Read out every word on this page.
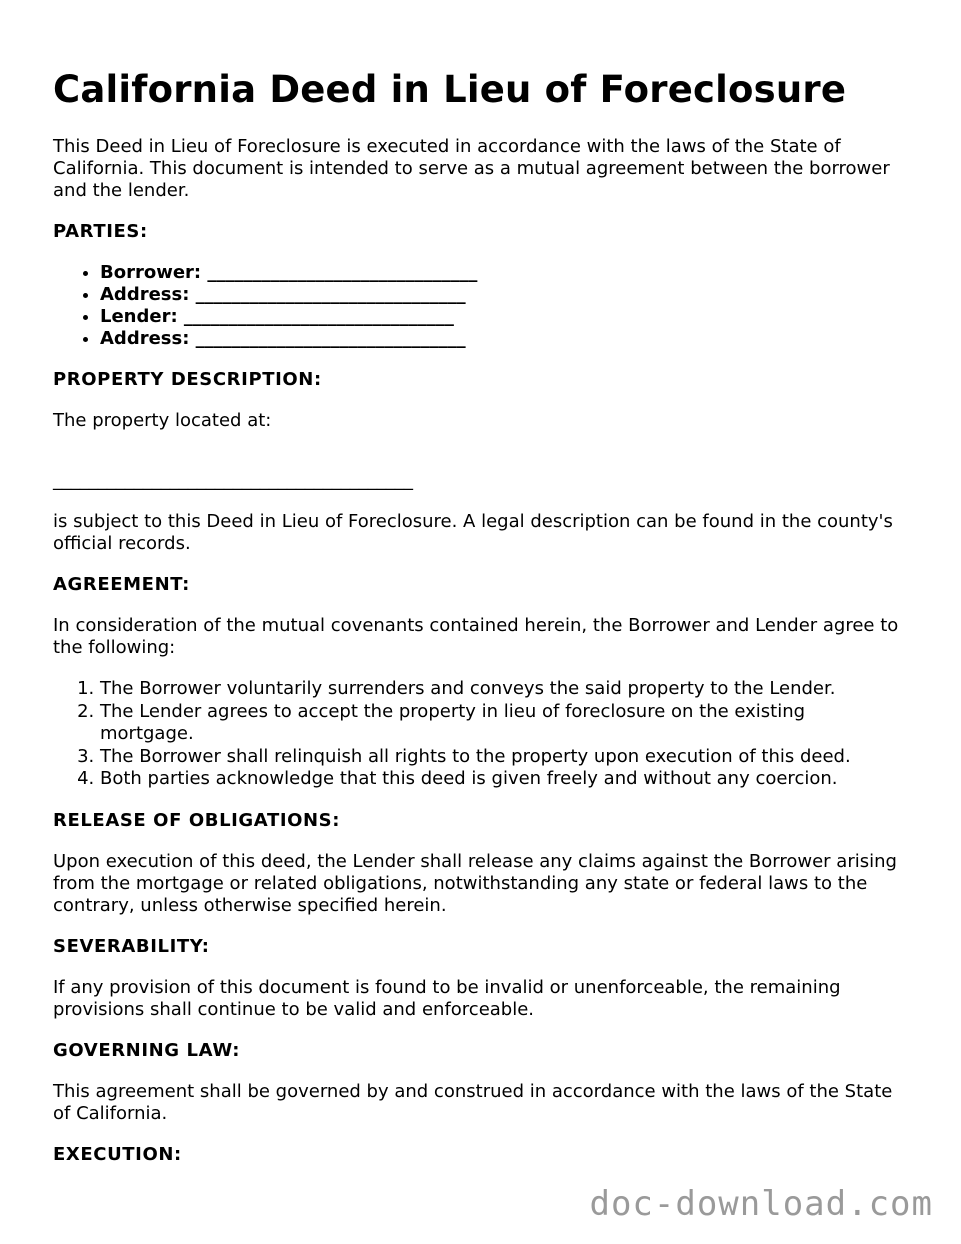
California Deed in Lieu of Foreclosure

This Deed in Lieu of Foreclosure is executed in accordance with the laws of the State of California. This document is intended to serve as a mutual agreement between the borrower and the lender.

PARTIES:
• Borrower: ______________________________
• Address: ______________________________
• Lender: ______________________________
• Address: ______________________________
PROPERTY DESCRIPTION:

The property located at:

________________________________________

is subject to this Deed in Lieu of Foreclosure. A legal description can be found in the county's official records.

AGREEMENT:

In consideration of the mutual covenants contained herein, the Borrower and Lender agree to the following:

1. The Borrower voluntarily surrenders and conveys the said property to the Lender.
2. The Lender agrees to accept the property in lieu of foreclosure on the existing mortgage.
3. The Borrower shall relinquish all rights to the property upon execution of this deed.
4. Both parties acknowledge that this deed is given freely and without any coercion.
RELEASE OF OBLIGATIONS:

Upon execution of this deed, the Lender shall release any claims against the Borrower arising from the mortgage or related obligations, notwithstanding any state or federal laws to the contrary, unless otherwise specified herein.

SEVERABILITY:

If any provision of this document is found to be invalid or unenforceable, the remaining provisions shall continue to be valid and enforceable.

GOVERNING LAW:

This agreement shall be governed by and construed in accordance with the laws of the State of California.

EXECUTION:
doc-download.com
